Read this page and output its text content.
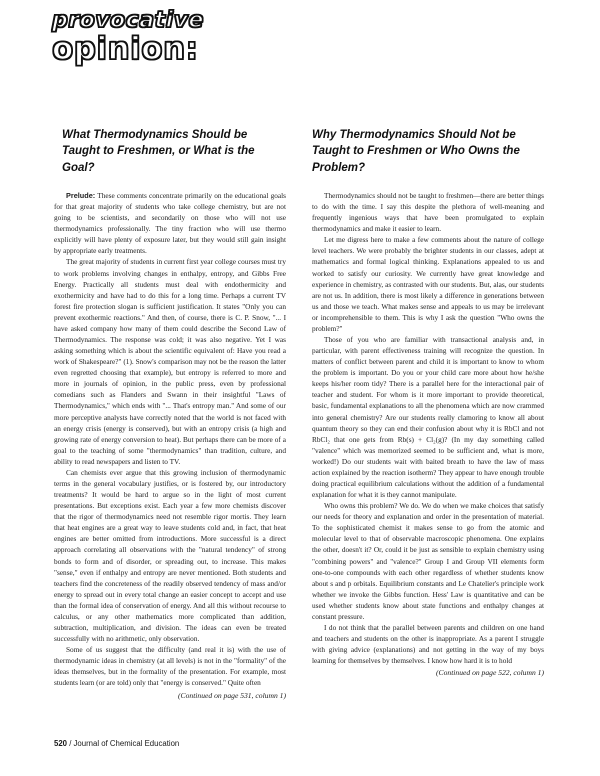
provocative
opinion:
What Thermodynamics Should be Taught to Freshmen, or What is the Goal?

Prelude: These comments concentrate primarily on the educational goals for that great majority of students who take college chemistry, but are not going to be scientists, and secondarily on those who will not use thermodynamics professionally. The tiny fraction who will use thermo explicitly will have plenty of exposure later, but they would still gain insight by appropriate early treatments.

The great majority of students in current first year college courses must try to work problems involving changes in enthalpy, entropy, and Gibbs Free Energy. Practically all students must deal with endothermicity and exothermicity and have had to do this for a long time. Perhaps a current TV forest fire protection slogan is sufficient justification. It states "Only you can prevent exothermic reactions." And then, of course, there is C. P. Snow, "... I have asked company how many of them could describe the Second Law of Thermodynamics. The response was cold; it was also negative. Yet I was asking something which is about the scientific equivalent of: Have you read a work of Shakespeare?" (1). Snow's comparison may not be the reason the latter even regretted choosing that example), but entropy is referred to more and more in journals of opinion, in the public press, even by professional comedians such as Flanders and Swann in their insightful "Laws of Thermodynamics," which ends with "... That's entropy man." And some of our more perceptive analysts have correctly noted that the world is not faced with an energy crisis (energy is conserved), but with an entropy crisis (a high and growing rate of energy conversion to heat). But perhaps there can be more of a goal to the teaching of some "thermodynamics" than tradition, culture, and ability to read newspapers and listen to TV.

Can chemists ever argue that this growing inclusion of thermodynamic terms in the general vocabulary justifies, or is fostered by, our introductory treatments? It would be hard to argue so in the light of most current presentations. But exceptions exist. Each year a few more chemists discover that the rigor of thermodynamics need not resemble rigor mortis. They learn that heat engines are a great way to leave students cold and, in fact, that heat engines are better omitted from introductions. More successful is a direct approach correlating all observations with the "natural tendency" of strong bonds to form and of disorder, or spreading out, to increase. This makes "sense," even if enthalpy and entropy are never mentioned. Both students and teachers find the concreteness of the readily observed tendency of mass and/or energy to spread out in every total change an easier concept to accept and use than the formal idea of conservation of energy. And all this without recourse to calculus, or any other mathematics more complicated than addition, subtraction, multiplication, and division. The ideas can even be treated successfully with no arithmetic, only observation.

Some of us suggest that the difficulty (and real it is) with the use of thermodynamic ideas in chemistry (at all levels) is not in the "formality" of the ideas themselves, but in the formality of the presentation. For example, most students learn (or are told) only that "energy is conserved." Quite often

(Continued on page 531, column 1)
Why Thermodynamics Should Not be Taught to Freshmen or Who Owns the Problem?

Thermodynamics should not be taught to freshmen—there are better things to do with the time. I say this despite the plethora of well-meaning and frequently ingenious ways that have been promulgated to explain thermodynamics and make it easier to learn.

Let me digress here to make a few comments about the nature of college level teachers. We were probably the brighter students in our classes, adept at mathematics and formal logical thinking. Explanations appealed to us and worked to satisfy our curiosity. We currently have great knowledge and experience in chemistry, as contrasted with our students. But, alas, our students are not us. In addition, there is most likely a difference in generations between us and those we teach. What makes sense and appeals to us may be irrelevant or incomprehensible to them. This is why I ask the question "Who owns the problem?"

Those of you who are familiar with transactional analysis and, in particular, with parent effectiveness training will recognize the question. In matters of conflict between parent and child it is important to know to whom the problem is important. Do you or your child care more about how he/she keeps his/her room tidy? There is a parallel here for the interactional pair of teacher and student. For whom is it more important to provide theoretical, basic, fundamental explanations to all the phenomena which are now crammed into general chemistry? Are our students really clamoring to know all about quantum theory so they can end their confusion about why it is RbCl and not RbCl₂ that one gets from Rb(s) + Cl₂(g)? (In my day something called "valence" which was memorized seemed to be sufficient and, what is more, worked!) Do our students wait with baited breath to have the law of mass action explained by the reaction isotherm? They appear to have enough trouble doing practical equilibrium calculations without the addition of a fundamental explanation for what it is they cannot manipulate.

Who owns this problem? We do. We do when we make choices that satisfy our needs for theory and explanation and order in the presentation of material. To the sophisticated chemist it makes sense to go from the atomic and molecular level to that of observable macroscopic phenomena. One explains the other, doesn't it? Or, could it be just as sensible to explain chemistry using "combining powers" and "valence?" Group I and Group VII elements form one-to-one compounds with each other regardless of whether students know about s and p orbitals. Equilibrium constants and Le Chatelier's principle work whether we invoke the Gibbs function. Hess' Law is quantitative and can be used whether students know about state functions and enthalpy changes at constant pressure.

I do not think that the parallel between parents and children on one hand and teachers and students on the other is inappropriate. As a parent I struggle with giving advice (explanations) and not getting in the way of my boys learning for themselves by themselves. I know how hard it is to hold

(Continued on page 522, column 1)
520 / Journal of Chemical Education
